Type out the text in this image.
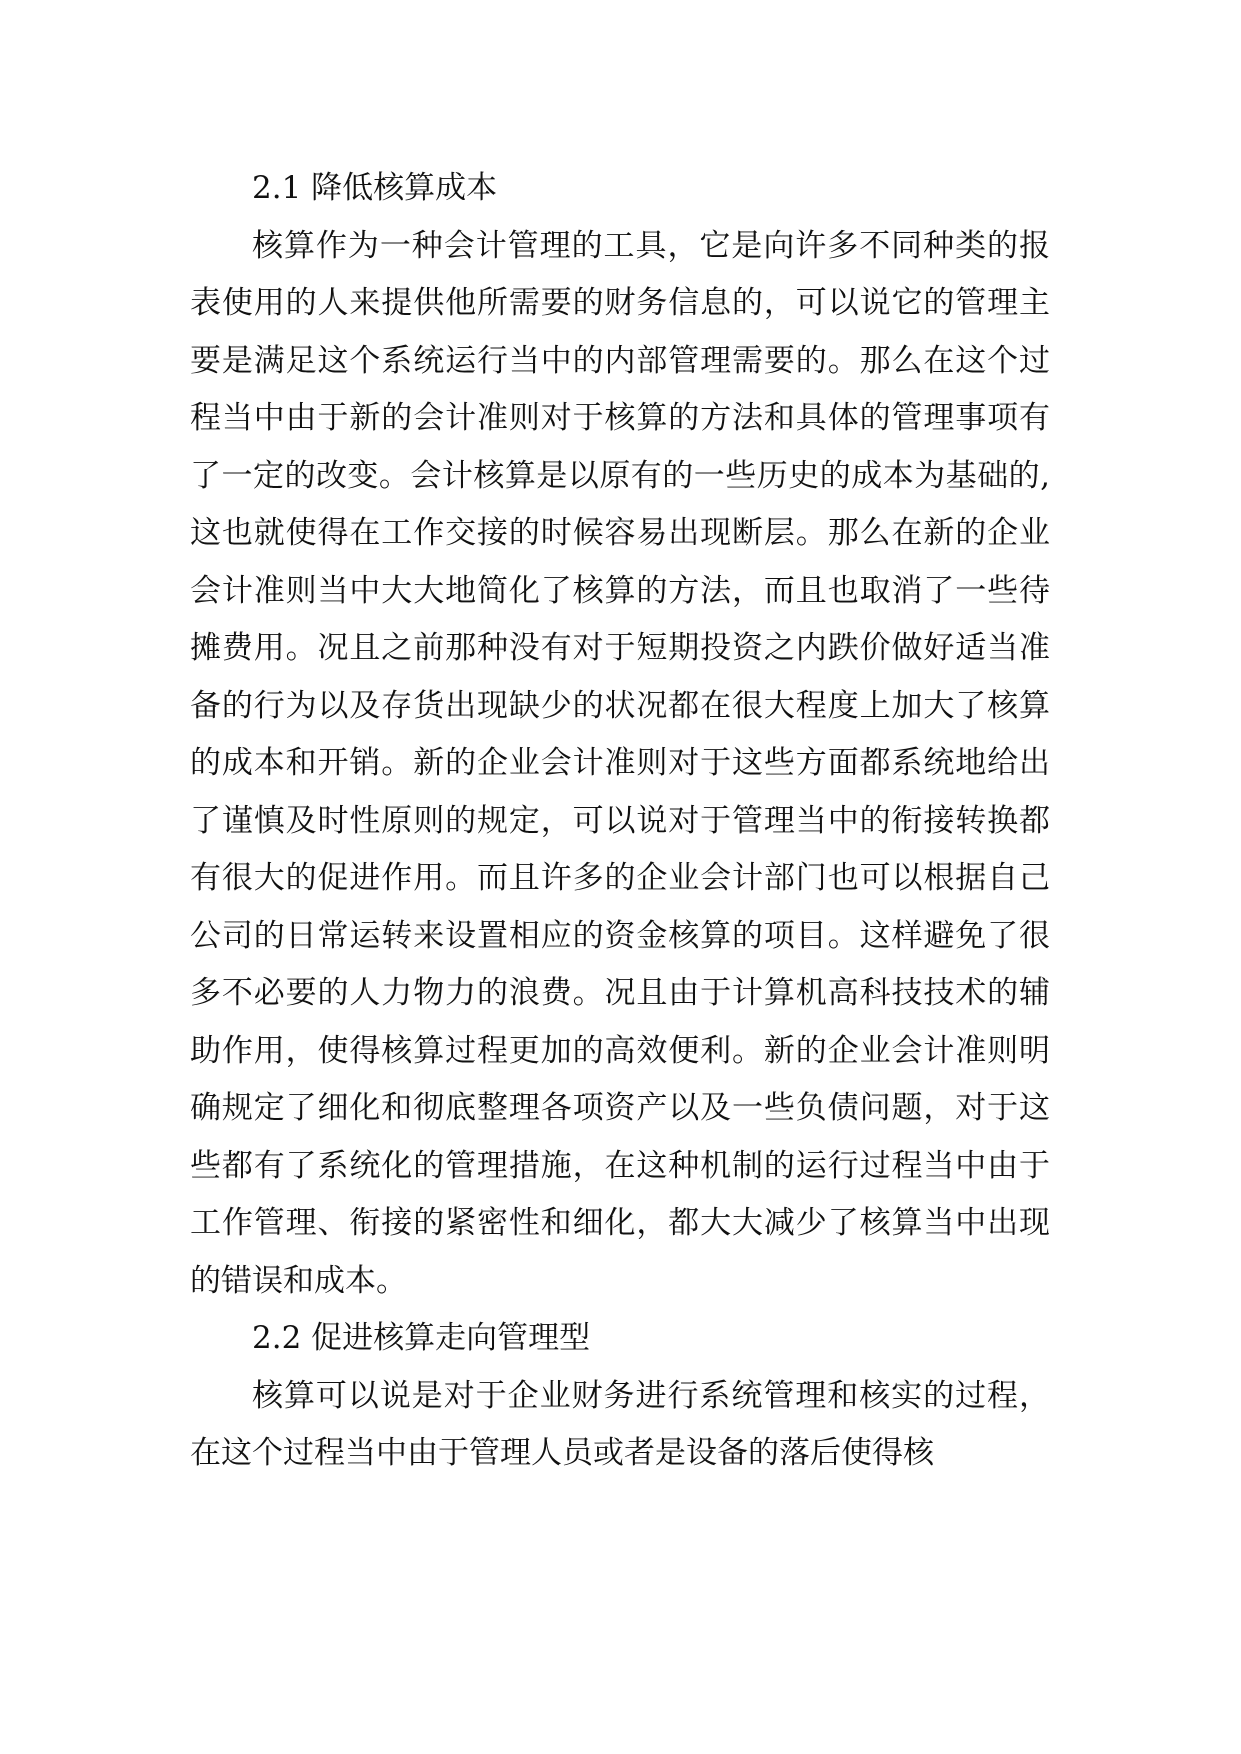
2.1 降低核算成本

核算作为一种会计管理的工具，它是向许多不同种类的报表使用的人来提供他所需要的财务信息的，可以说它的管理主要是满足这个系统运行当中的内部管理需要的。那么在这个过程当中由于新的会计准则对于核算的方法和具体的管理事项有了一定的改变。会计核算是以原有的一些历史的成本为基础的,这也就使得在工作交接的时候容易出现断层。那么在新的企业会计准则当中大大地简化了核算的方法，而且也取消了一些待摊费用。况且之前那种没有对于短期投资之内跌价做好适当准备的行为以及存货出现缺少的状况都在很大程度上加大了核算的成本和开销。新的企业会计准则对于这些方面都系统地给出了谨慎及时性原则的规定，可以说对于管理当中的衔接转换都有很大的促进作用。而且许多的企业会计部门也可以根据自己公司的日常运转来设置相应的资金核算的项目。这样避免了很多不必要的人力物力的浪费。况且由于计算机高科技技术的辅助作用，使得核算过程更加的高效便利。新的企业会计准则明确规定了细化和彻底整理各项资产以及一些负债问题，对于这些都有了系统化的管理措施，在这种机制的运行过程当中由于工作管理、衔接的紧密性和细化，都大大减少了核算当中出现的错误和成本。

2.2 促进核算走向管理型

核算可以说是对于企业财务进行系统管理和核实的过程，在这个过程当中由于管理人员或者是设备的落后使得核
